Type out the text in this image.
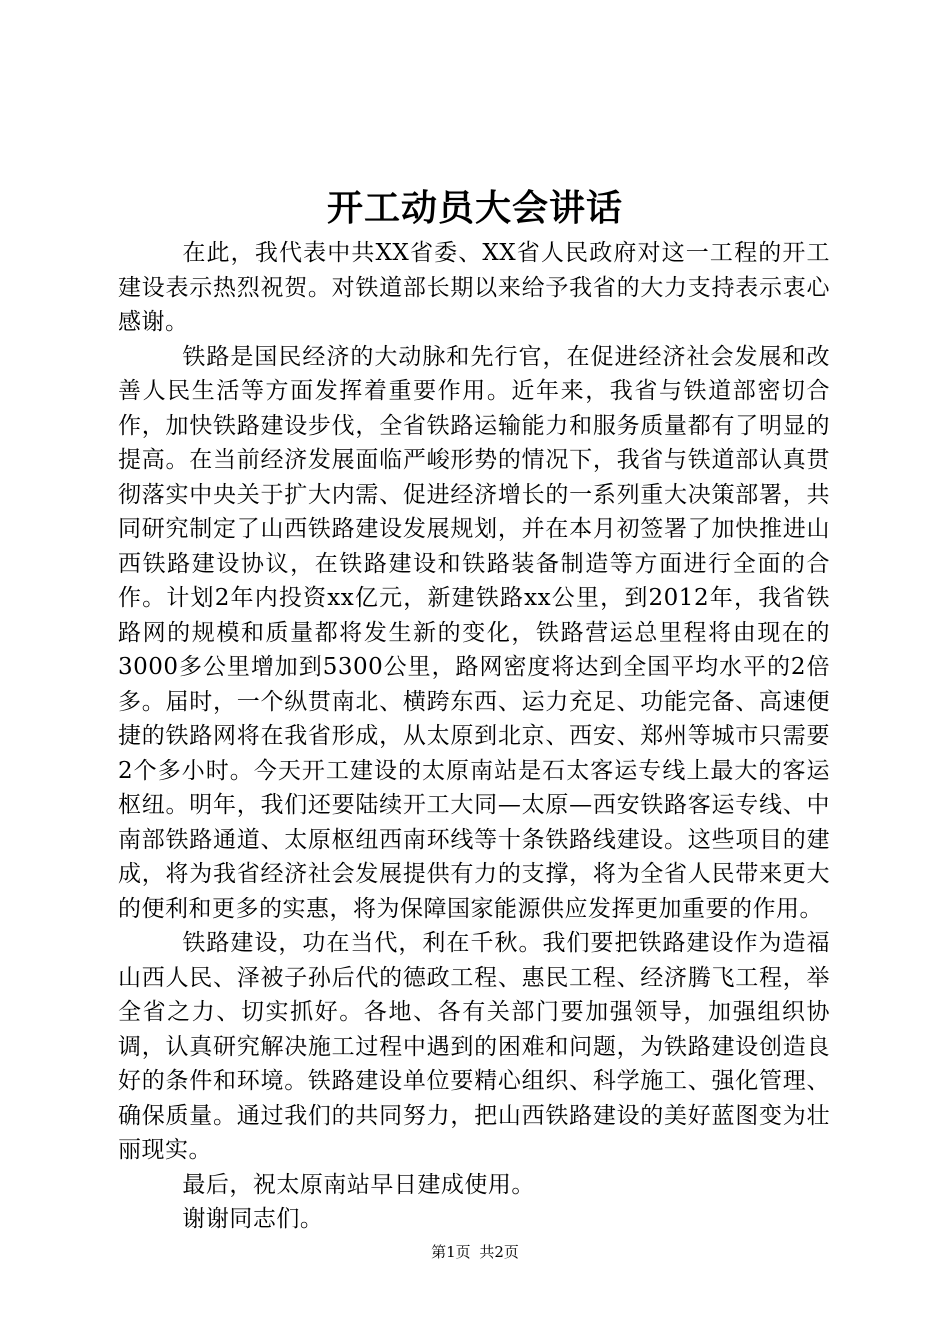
开工动员大会讲话

在此，我代表中共XX省委、XX省人民政府对这一工程的开工建设表示热烈祝贺。对铁道部长期以来给予我省的大力支持表示衷心感谢。

铁路是国民经济的大动脉和先行官，在促进经济社会发展和改善人民生活等方面发挥着重要作用。近年来，我省与铁道部密切合作，加快铁路建设步伐，全省铁路运输能力和服务质量都有了明显的提高。在当前经济发展面临严峻形势的情况下，我省与铁道部认真贯彻落实中央关于扩大内需、促进经济增长的一系列重大决策部署，共同研究制定了山西铁路建设发展规划，并在本月初签署了加快推进山西铁路建设协议，在铁路建设和铁路装备制造等方面进行全面的合作。计划2年内投资xx亿元，新建铁路xx公里，到2012年，我省铁路网的规模和质量都将发生新的变化，铁路营运总里程将由现在的3000多公里增加到5300公里，路网密度将达到全国平均水平的2倍多。届时，一个纵贯南北、横跨东西、运力充足、功能完备、高速便捷的铁路网将在我省形成，从太原到北京、西安、郑州等城市只需要2个多小时。今天开工建设的太原南站是石太客运专线上最大的客运枢纽。明年，我们还要陆续开工大同—太原—西安铁路客运专线、中南部铁路通道、太原枢纽西南环线等十条铁路线建设。这些项目的建成，将为我省经济社会发展提供有力的支撑，将为全省人民带来更大的便利和更多的实惠，将为保障国家能源供应发挥更加重要的作用。

铁路建设，功在当代，利在千秋。我们要把铁路建设作为造福山西人民、泽被子孙后代的德政工程、惠民工程、经济腾飞工程，举全省之力、切实抓好。各地、各有关部门要加强领导，加强组织协调，认真研究解决施工过程中遇到的困难和问题，为铁路建设创造良好的条件和环境。铁路建设单位要精心组织、科学施工、强化管理、确保质量。通过我们的共同努力，把山西铁路建设的美好蓝图变为壮丽现实。

最后，祝太原南站早日建成使用。

谢谢同志们。

第1页 共2页
